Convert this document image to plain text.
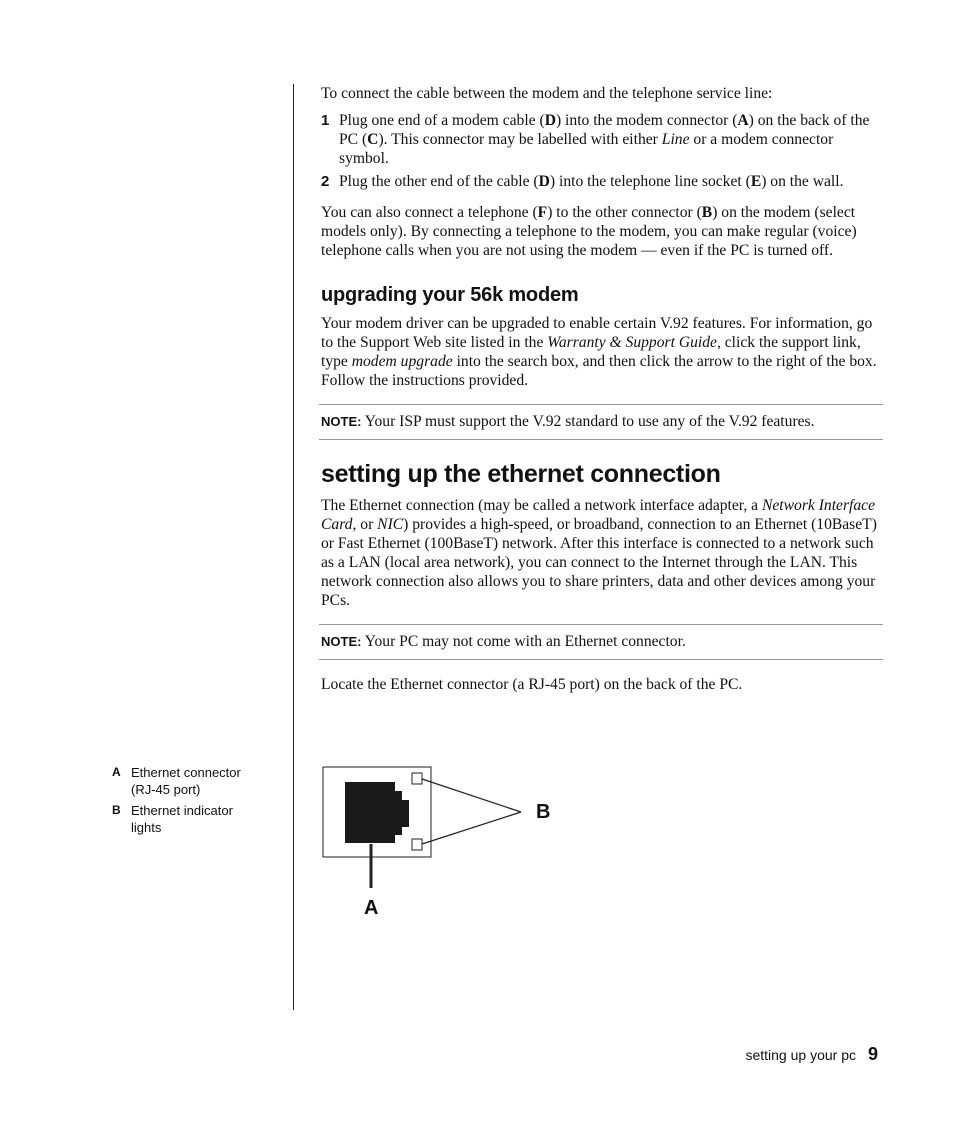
To connect the cable between the modem and the telephone service line:

1 Plug one end of a modem cable (D) into the modem connector (A) on the back of the PC (C). This connector may be labelled with either Line or a modem connector symbol.
2 Plug the other end of the cable (D) into the telephone line socket (E) on the wall.

You can also connect a telephone (F) to the other connector (B) on the modem (select models only). By connecting a telephone to the modem, you can make regular (voice) telephone calls when you are not using the modem — even if the PC is turned off.

upgrading your 56k modem

Your modem driver can be upgraded to enable certain V.92 features. For information, go to the Support Web site listed in the Warranty & Support Guide, click the support link, type modem upgrade into the search box, and then click the arrow to the right of the box. Follow the instructions provided.

NOTE: Your ISP must support the V.92 standard to use any of the V.92 features.
setting up the ethernet connection

The Ethernet connection (may be called a network interface adapter, a Network Interface Card, or NIC) provides a high-speed, or broadband, connection to an Ethernet (10BaseT) or Fast Ethernet (100BaseT) network. After this interface is connected to a network such as a LAN (local area network), you can connect to the Internet through the LAN. This network connection also allows you to share printers, data and other devices among your PCs.

NOTE: Your PC may not come with an Ethernet connector.

Locate the Ethernet connector (a RJ-45 port) on the back of the PC.

A Ethernet connector (RJ-45 port)
B Ethernet indicator lights
B
A
setting up your pc 9
